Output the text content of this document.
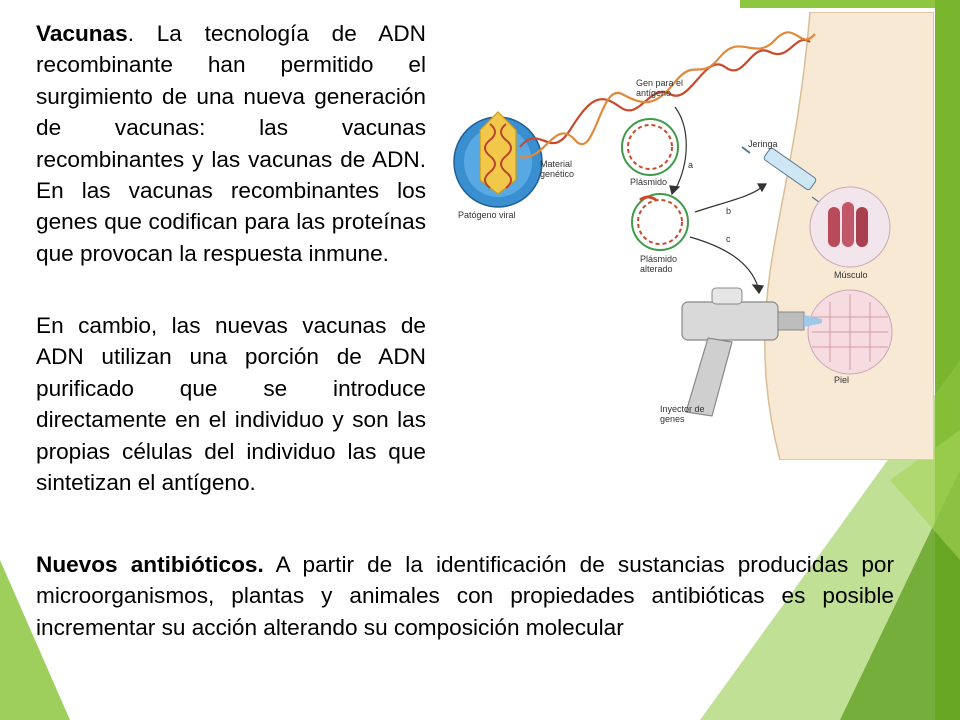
Vacunas. La tecnología de ADN recombinante han permitido el surgimiento de una nueva generación de vacunas: las vacunas recombinantes y las vacunas de ADN. En las vacunas recombinantes los genes que codifican para las proteínas que provocan la respuesta inmune.

En cambio, las nuevas vacunas de ADN utilizan una porción de ADN purificado que se introduce directamente en el individuo y son las propias células del individuo las que sintetizan el antígeno.

Nuevos antibióticos. A partir de la identificación de sustancias producidas por microorganismos, plantas y animales con propiedades antibióticas es posible incrementar su acción alterando su composición molecular

Gen para el antígeno
Material genético
Patógeno viral
Plásmido
Plásmido alterado
Jeringa
Músculo
Piel
Inyector de genes
a
b
c
